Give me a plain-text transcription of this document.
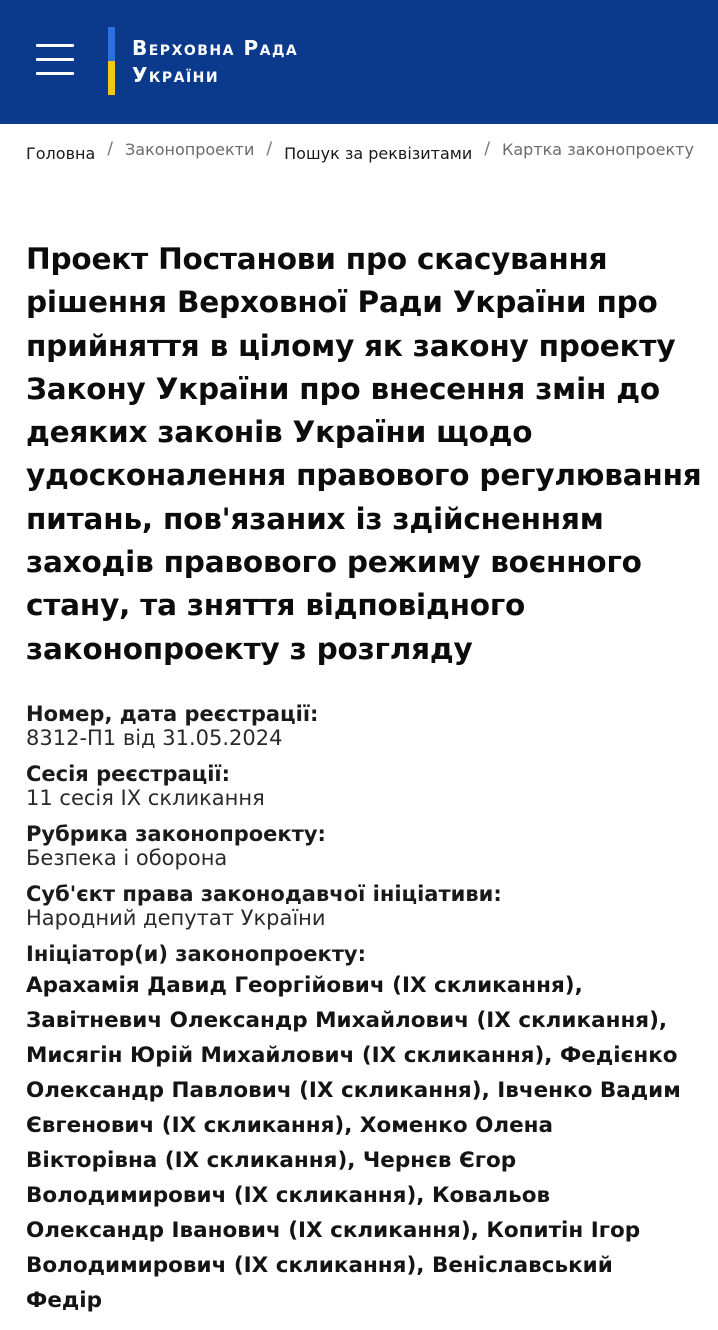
Верховна Рада
України
Головна / Законопроекти / Пошук за реквізитами / Картка законопроекту
Проект Постанови про скасування рішення Верховної Ради України про прийняття в цілому як закону проекту Закону України про внесення змін до деяких законів України щодо удосконалення правового регулювання питань, пов'язаних із здійсненням заходів правового режиму воєнного стану, та зняття відповідного законопроекту з розгляду
Номер, дата реєстрації:
8312-П1 від 31.05.2024
Сесія реєстрації:
11 сесія IX скликання
Рубрика законопроекту:
Безпека і оборона
Суб'єкт права законодавчої ініціативи:
Народний депутат України
Ініціатор(и) законопроекту:
Арахамія Давид Георгійович (IX скликання), Завітневич Олександр Михайлович (IX скликання), Мисягін Юрій Михайлович (IX скликання), Федієнко Олександр Павлович (IX скликання), Івченко Вадим Євгенович (IX скликання), Хоменко Олена Вікторівна (IX скликання), Чернєв Єгор Володимирович (IX скликання), Ковальов Олександр Іванович (IX скликання), Копитін Ігор Володимирович (IX скликання), Веніславський Федір
